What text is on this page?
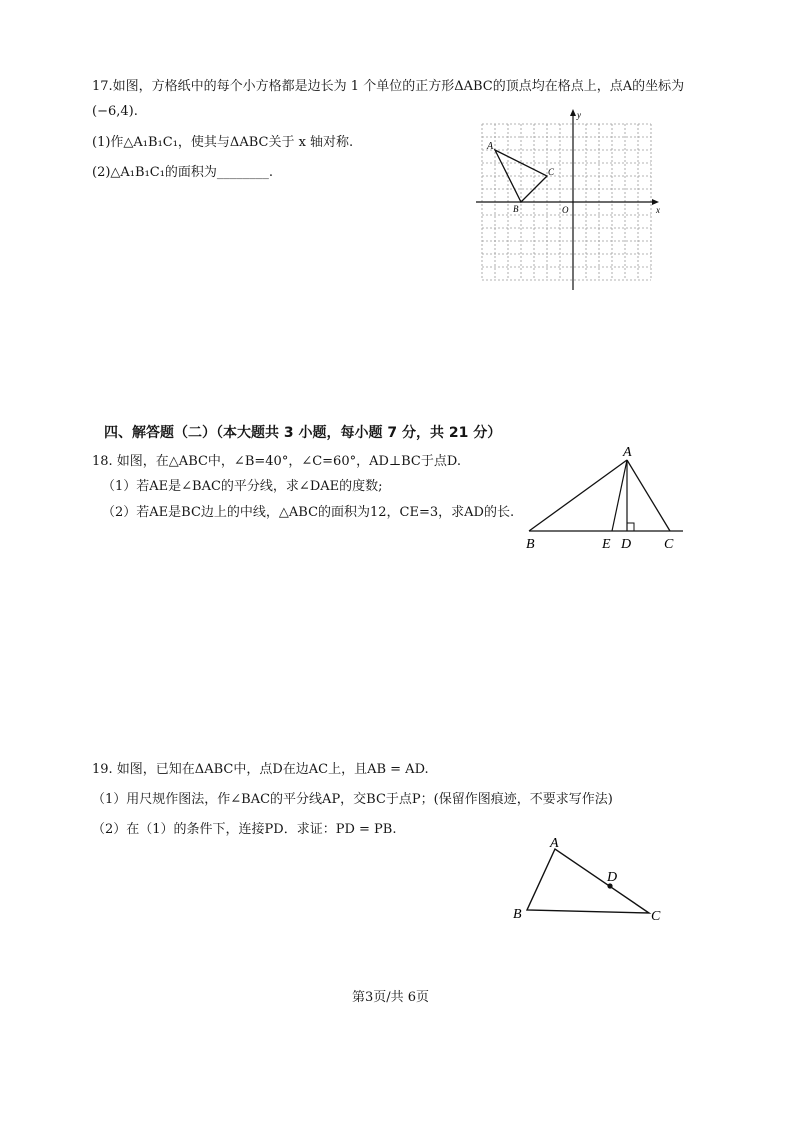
17.如图，方格纸中的每个小方格都是边长为 1 个单位的正方形ΔABC的顶点均在格点上，点A的坐标为
(−6,4).
(1)作△A₁B₁C₁，使其与ΔABC关于 x 轴对称.
(2)△A₁B₁C₁的面积为________.
x
y
O
A
B
C
四、解答题（二）（本大题共 3 小题，每小题 7 分，共 21 分）
18. 如图，在△ABC中，∠B=40°，∠C=60°，AD⊥BC于点D.
（1）若AE是∠BAC的平分线，求∠DAE的度数;
（2）若AE是BC边上的中线，△ABC的面积为12，CE=3，求AD的长.
A
B	E D C
19. 如图，已知在ΔABC中，点D在边AC上，且AB = AD.
（1）用尺规作图法，作∠BAC的平分线AP，交BC于点P；(保留作图痕迹，不要求写作法)
（2）在（1）的条件下，连接PD．求证：PD = PB.
A
D
B	C
第3页/共 6页
